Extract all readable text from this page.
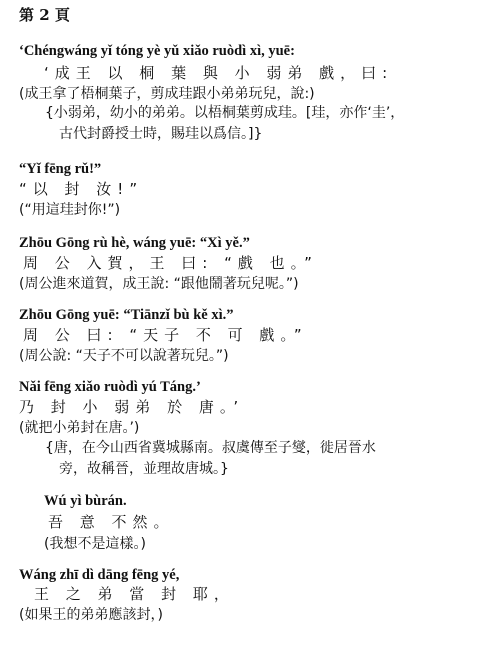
第 2 頁
‘Chéngwáng yǐ tóng yè yǔ xiǎo ruòdì xì, yuē:
‘成王 以 桐 葉 與 小 弱弟 戲，曰:
(成王拿了梧桐葉子，剪成珪跟小弟弟玩兒，說:)
{小弱弟，幼小的弟弟。以梧桐葉剪成珪。[珪，亦作‘圭’，
古代封爵授士時，賜珪以爲信。]}
“Yǐ fēng rǔ!”
“以 封 汝!”
(“用這珪封你!”)
Zhōu Gōng rù hè, wáng yuē: “Xì yě.”
周 公 入賀，王 曰: “戲 也。”
(周公進來道賀，成王說: “跟他鬧著玩兒呢。”)
Zhōu Gōng yuē: “Tiānzǐ bù kě xì.”
周 公 曰: “天子 不 可 戲。”
(周公說: “天子不可以說著玩兒。”)
Nǎi fēng xiǎo ruòdì yú Táng.’
乃 封 小 弱弟 於 唐。’
(就把小弟封在唐。’)
{唐，在今山西省冀城縣南。叔虞傳至子燮，徙居晉水
旁，故稱晉，並理故唐城。}
Wú yì bùrán.
吾 意 不然。
(我想不是這樣。)
Wáng zhī dì dāng fēng yé,
王 之 弟 當 封 耶，
(如果王的弟弟應該封，)
